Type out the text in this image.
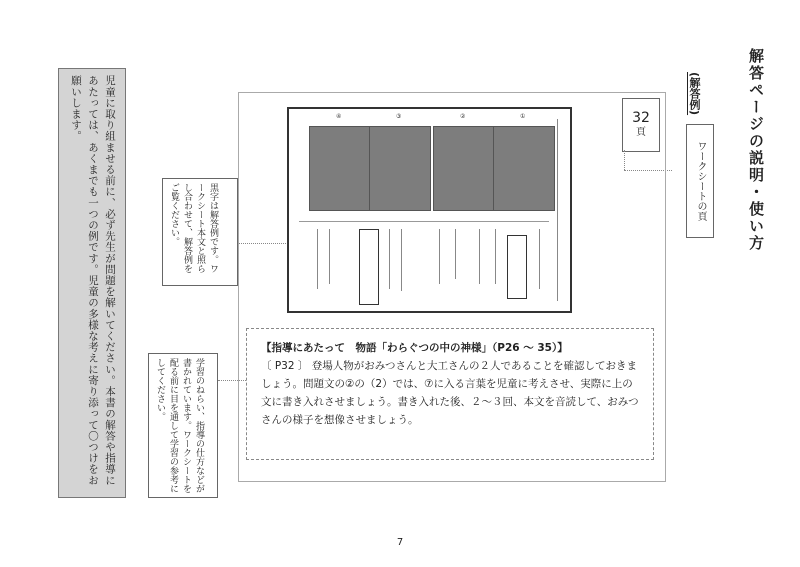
解答ページの説明・使い方
(解答例)
32
頁
ワークシートの頁
④	③	②	①
児童に取り組ませる前に、必ず先生が問題を解いてください。本書の解答や指導にあたっては、あくまでも一つの例です。児童の多様な考えに寄り添って〇つけをお願いします。
黒字は解答例です。ワークシート本文と照らし合わせて、解答例をご覧ください。
学習のねらい、指導の仕方などが書かれています。ワークシートを配る前に目を通して学習の参考にしてください。
【指導にあたって　物語「わらぐつの中の神様」（P26 ～ 35）】
〔 P32 〕 登場人物がおみつさんと大工さんの２人であることを確認しておきましょう。問題文の②の（2）では、⑦に入る言葉を児童に考えさせ、実際に上の文に書き入れさせましょう。書き入れた後、２～３回、本文を音読して、おみつさんの様子を想像させましょう。
7
